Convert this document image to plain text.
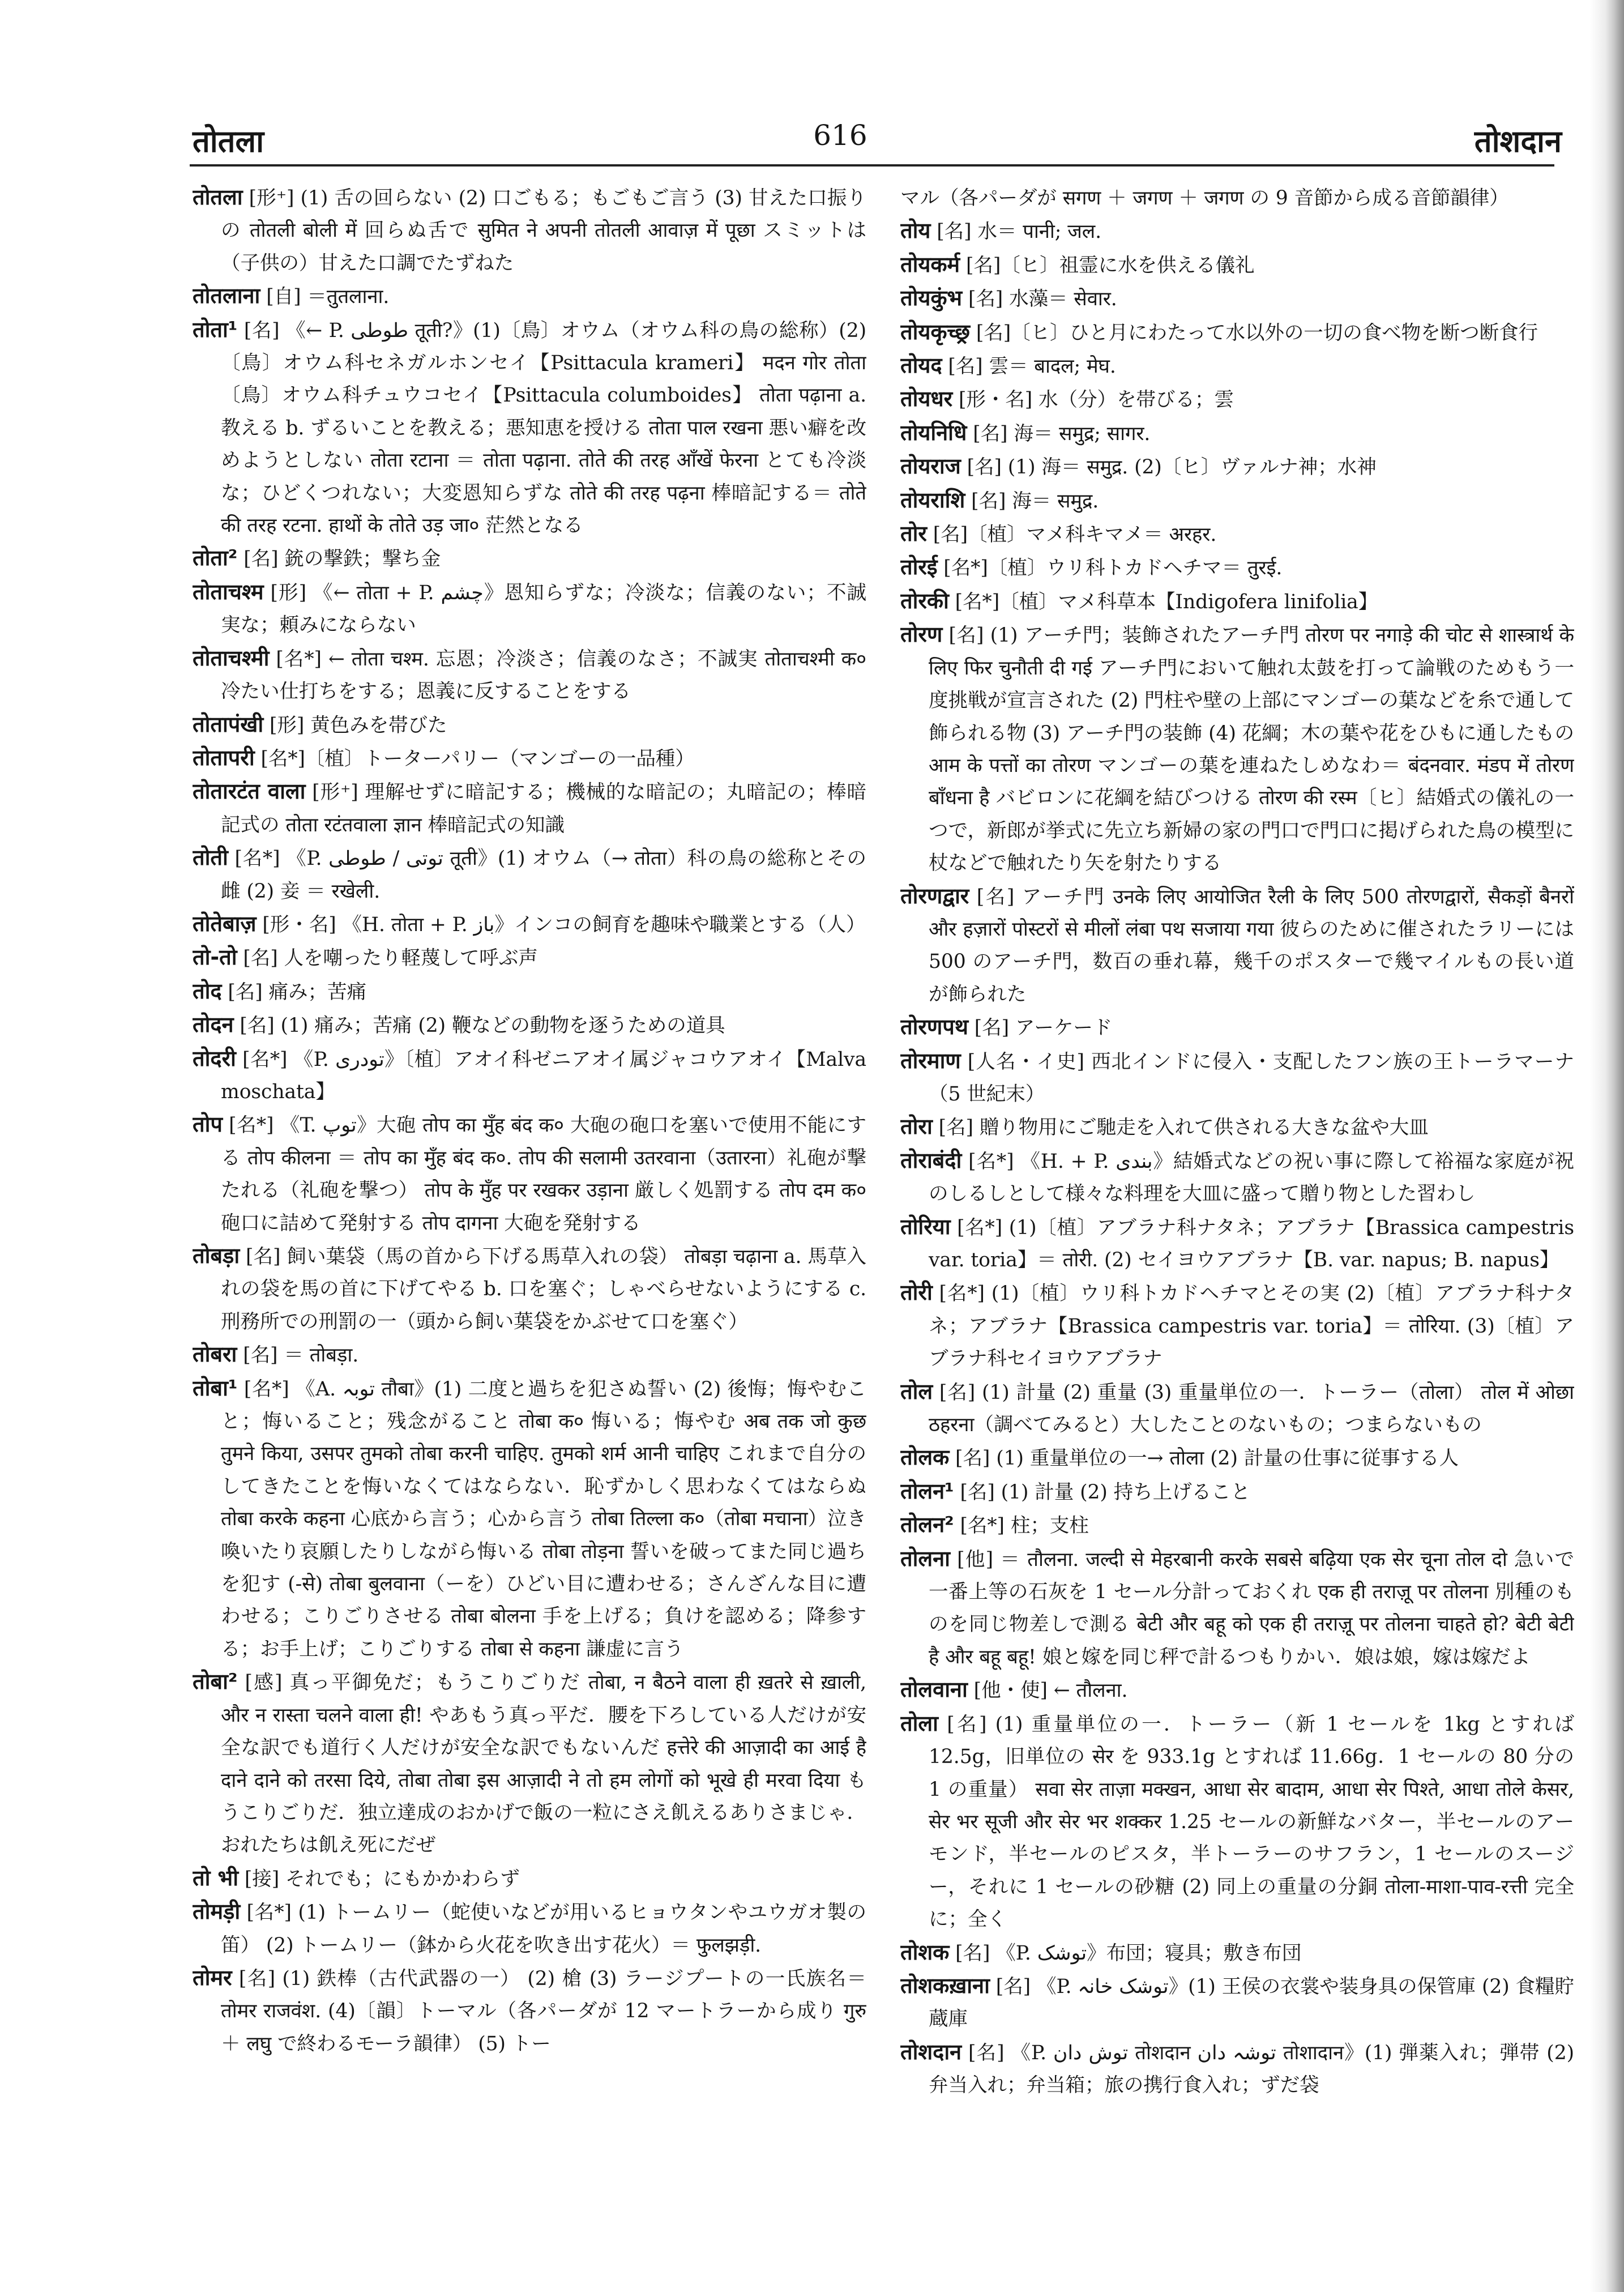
तोतला	616	तोशदान

तोतला [形⁺] (1) 舌の回らない (2) 口ごもる；もごもご言う (3) 甘えた口振りの तोतली बोली में 回らぬ舌で सुमित ने अपनी तोतली आवाज़ में पूछा スミットは（子供の）甘えた口調でたずねた

तोतलाना [自] ＝तुतलाना.

तोता¹ [名] 《← P. طوطی तूती?》(1)〔鳥〕オウム（オウム科の鳥の総称）(2)〔鳥〕オウム科セネガルホンセイ【Psittacula krameri】 मदन गोर तोता 〔鳥〕オウム科チュウコセイ【Psittacula columboides】 तोता पढ़ाना a. 教える b. ずるいことを教える；悪知恵を授ける तोता पाल रखना 悪い癖を改めようとしない तोता रटाना ＝ तोता पढ़ाना. तोते की तरह आँखें फेरना とても冷淡な；ひどくつれない；大変恩知らずな तोते की तरह पढ़ना 棒暗記する＝ तोते की तरह रटना. हाथों के तोते उड़ जा० 茫然となる

तोता² [名] 銃の撃鉄；撃ち金

तोताचश्म [形] 《← तोता + P. چشم》恩知らずな；冷淡な；信義のない；不誠実な；頼みにならない

तोताचश्मी [名*] ← तोता चश्म. 忘恩；冷淡さ；信義のなさ；不誠実 तोताचश्मी क० 冷たい仕打ちをする；恩義に反することをする

तोतापंखी [形] 黄色みを帯びた

तोतापरी [名*]〔植〕トーターパリー（マンゴーの一品種）

तोतारटंत वाला [形⁺] 理解せずに暗記する；機械的な暗記の；丸暗記の；棒暗記式の तोता रटंतवाला ज्ञान 棒暗記式の知識

तोती [名*] 《P. توتی / طوطی तूती》(1) オウム（→ तोता）科の鳥の総称とその雌 (2) 妾 ＝ रखेली.

तोतेबाज़ [形・名] 《H. तोता + P. باز》インコの飼育を趣味や職業とする（人）

तो-तो [名] 人を嘲ったり軽蔑して呼ぶ声

तोद [名] 痛み；苦痛

तोदन [名] (1) 痛み；苦痛 (2) 鞭などの動物を逐うための道具

तोदरी [名*] 《P. تودری》〔植〕アオイ科ゼニアオイ属ジャコウアオイ【Malva moschata】

तोप [名*] 《T. توپ》大砲 तोप का मुँह बंद क० 大砲の砲口を塞いで使用不能にする तोप कीलना ＝ तोप का मुँह बंद क०. तोप की सलामी उतरवाना（उतारना）礼砲が撃たれる（礼砲を撃つ） तोप के मुँह पर रखकर उड़ाना 厳しく処罰する तोप दम क० 砲口に詰めて発射する तोप दागना 大砲を発射する

तोबड़ा [名] 飼い葉袋（馬の首から下げる馬草入れの袋） तोबड़ा चढ़ाना a. 馬草入れの袋を馬の首に下げてやる b. 口を塞ぐ；しゃべらせないようにする c. 刑務所での刑罰の一（頭から飼い葉袋をかぶせて口を塞ぐ）

तोबरा [名] ＝ तोबड़ा.

तोबा¹ [名*] 《A. توبہ तौबा》(1) 二度と過ちを犯さぬ誓い (2) 後悔；悔やむこと；悔いること；残念がること तोबा क० 悔いる；悔やむ अब तक जो कुछ तुमने किया, उसपर तुमको तोबा करनी चाहिए. तुमको शर्म आनी चाहिए これまで自分のしてきたことを悔いなくてはならない．恥ずかしく思わなくてはならぬ तोबा करके कहना 心底から言う；心から言う तोबा तिल्ला क०（तोबा मचाना）泣き喚いたり哀願したりしながら悔いる तोबा तोड़ना 誓いを破ってまた同じ過ちを犯す (-से) तोबा बुलवाना（ーを）ひどい目に遭わせる；さんざんな目に遭わせる；こりごりさせる तोबा बोलना 手を上げる；負けを認める；降参する；お手上げ；こりごりする तोबा से कहना 謙虚に言う

तोबा² [感] 真っ平御免だ；もうこりごりだ तोबा, न बैठने वाला ही ख़तरे से ख़ाली, और न रास्ता चलने वाला ही! やあもう真っ平だ．腰を下ろしている人だけが安全な訳でも道行く人だけが安全な訳でもないんだ हत्तेरे की आज़ादी का आई है दाने दाने को तरसा दिये, तोबा तोबा इस आज़ादी ने तो हम लोगों को भूखे ही मरवा दिया もうこりごりだ．独立達成のおかげで飯の一粒にさえ飢えるありさまじゃ．おれたちは飢え死にだぜ

तो भी [接] それでも；にもかかわらず

तोमड़ी [名*] (1) トームリー（蛇使いなどが用いるヒョウタンやユウガオ製の笛） (2) トームリー（鉢から火花を吹き出す花火）＝ फुलझड़ी.

तोमर [名] (1) 鉄棒（古代武器の一） (2) 槍 (3) ラージプートの一氏族名＝ तोमर राजवंश. (4)〔韻〕トーマル（各パーダが 12 マートラーから成り गुरु ＋ लघु で終わるモーラ韻律） (5) トー

マル（各パーダが सगण ＋ जगण ＋ जगण の 9 音節から成る音節韻律）

तोय [名] 水＝ पानी; जल.

तोयकर्म [名]〔ヒ〕祖霊に水を供える儀礼

तोयकुंभ [名] 水藻＝ सेवार.

तोयकृच्छ्र [名]〔ヒ〕ひと月にわたって水以外の一切の食べ物を断つ断食行

तोयद [名] 雲＝ बादल; मेघ.

तोयधर [形・名] 水（分）を帯びる；雲

तोयनिधि [名] 海＝ समुद्र; सागर.

तोयराज [名] (1) 海＝ समुद्र. (2)〔ヒ〕ヴァルナ神；水神

तोयराशि [名] 海＝ समुद्र.

तोर [名]〔植〕マメ科キマメ＝ अरहर.

तोरई [名*]〔植〕ウリ科トカドヘチマ＝ तुरई.

तोरकी [名*]〔植〕マメ科草本【Indigofera linifolia】

तोरण [名] (1) アーチ門；装飾されたアーチ門 तोरण पर नगाड़े की चोट से शास्त्रार्थ के लिए फिर चुनौती दी गई アーチ門において触れ太鼓を打って論戦のためもう一度挑戦が宣言された (2) 門柱や壁の上部にマンゴーの葉などを糸で通して飾られる物 (3) アーチ門の装飾 (4) 花綱；木の葉や花をひもに通したもの आम के पत्तों का तोरण マンゴーの葉を連ねたしめなわ＝ बंदनवार. मंडप में तोरण बाँधना है バビロンに花綱を結びつける तोरण की रस्म〔ヒ〕結婚式の儀礼の一つで，新郎が挙式に先立ち新婦の家の門口で門口に掲げられた鳥の模型に杖などで触れたり矢を射たりする

तोरणद्वार [名] アーチ門 उनके लिए आयोजित रैली के लिए 500 तोरणद्वारों, सैकड़ों बैनरों और हज़ारों पोस्टरों से मीलों लंबा पथ सजाया गया 彼らのために催されたラリーには 500 のアーチ門，数百の垂れ幕，幾千のポスターで幾マイルもの長い道が飾られた

तोरणपथ [名] アーケード

तोरमाण [人名・イ史] 西北インドに侵入・支配したフン族の王トーラマーナ（5 世紀末）

तोरा [名] 贈り物用にご馳走を入れて供される大きな盆や大皿

तोराबंदी [名*] 《H. + P. بندی》結婚式などの祝い事に際して裕福な家庭が祝のしるしとして様々な料理を大皿に盛って贈り物とした習わし

तोरिया [名*] (1)〔植〕アブラナ科ナタネ；アブラナ【Brassica campestris var. toria】＝ तोरी. (2) セイヨウアブラナ【B. var. napus; B. napus】

तोरी [名*] (1)〔植〕ウリ科トカドヘチマとその実 (2)〔植〕アブラナ科ナタネ；アブラナ【Brassica campestris var. toria】＝ तोरिया. (3)〔植〕アブラナ科セイヨウアブラナ

तोल [名] (1) 計量 (2) 重量 (3) 重量単位の一．トーラー（तोला） तोल में ओछा ठहरना（調べてみると）大したことのないもの；つまらないもの

तोलक [名] (1) 重量単位の一→ तोला (2) 計量の仕事に従事する人

तोलन¹ [名] (1) 計量 (2) 持ち上げること

तोलन² [名*] 柱；支柱

तोलना [他] ＝ तौलना. जल्दी से मेहरबानी करके सबसे बढ़िया एक सेर चूना तोल दो 急いで一番上等の石灰を 1 セール分計っておくれ एक ही तराज़ू पर तोलना 別種のものを同じ物差しで測る बेटी और बहू को एक ही तराज़ू पर तोलना चाहते हो? बेटी बेटी है और बहू बहू! 娘と嫁を同じ秤で計るつもりかい．娘は娘，嫁は嫁だよ

तोलवाना [他・使] ← तौलना.

तोला [名] (1) 重量単位の一．トーラー（新 1 セールを 1kg とすれば 12.5g，旧単位の सेर を 933.1g とすれば 11.66g．1 セールの 80 分の 1 の重量） सवा सेर ताज़ा मक्खन, आधा सेर बादाम, आधा सेर पिश्ते, आधा तोले केसर, सेर भर सूजी और सेर भर शक्कर 1.25 セールの新鮮なバター，半セールのアーモンド，半セールのピスタ，半トーラーのサフラン，1 セールのスージー，それに 1 セールの砂糖 (2) 同上の重量の分銅 तोला-माशा-पाव-रत्ती 完全に；全く

तोशक [名] 《P. توشک》布団；寝具；敷き布団

तोशकख़ाना [名] 《P. توشک خانہ》(1) 王侯の衣裳や装身具の保管庫 (2) 食糧貯蔵庫

तोशदान [名] 《P. توش دان तोशदान توشہ دان तोशादान》(1) 弾薬入れ；弾帯 (2) 弁当入れ；弁当箱；旅の携行食入れ；ずだ袋
